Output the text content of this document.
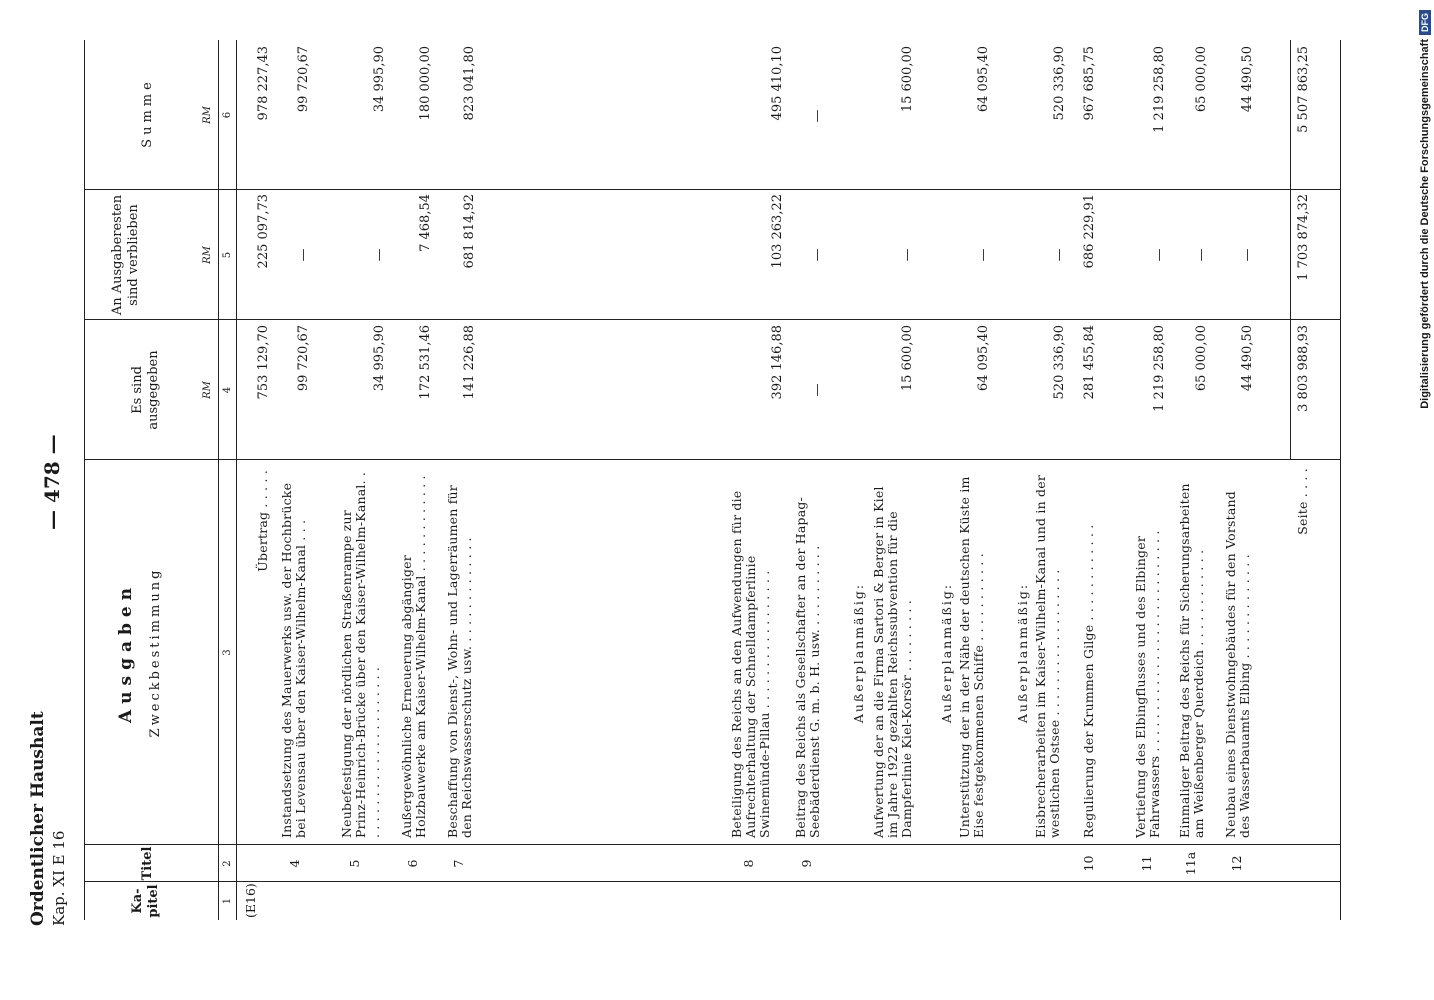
Ordentlicher Haushalt Kap. XI E 16
— 478 —
Ka-pitel
Titel
Ausgaben Zweckbestimmung
Es sind ausgegeben
An Ausgaberesten sind verblieben
Summe
RM
RM
RM
1
2
3
4
5
6
(E16)
Übertrag . . . . .
753 129,70
225 097,73
978 227,43
4
Instandsetzung des Mauerwerks usw. der Hochbrücke bei Levensau über den Kaiser-Wilhelm-Kanal . . .
99 720,67
—
99 720,67
5
Neubefestigung der nördlichen Straßenrampe zur Prinz-Heinrich-Brücke über den Kaiser-Wilhelm-Kanal. . . . . . . . . . . . . . . . . . . . . . .
34 995,90
—
34 995,90
6
Außergewöhnliche Erneuerung abgängiger Holzbauwerke am Kaiser-Wilhelm-Kanal . . . . . . . . . . . .
172 531,46
7 468,54
180 000,00
7
Beschaffung von Dienst-, Wohn- und Lagerräumen für den Reichswasserschutz usw. . . . . . . . . . . . . .
141 226,88
681 814,92
823 041,80
8
Beteiligung des Reichs an den Aufwendungen für die Aufrechterhaltung der Schnelldampferlinie Swinemünde-Pillau . . . . . . . . . . . . . . . . .
392 146,88
103 263,22
495 410,10
9
Beitrag des Reichs als Gesellschafter an der Hapag-Seebäderdienst G. m. b. H. usw. . . . . . . . . . .
—
—
—
Außerplanmäßig: Aufwertung der an die Firma Sartori & Berger in Kiel im Jahre 1922 gezahlten Reichssubvention für die Dampferlinie Kiel-Korsör . . . . . . . . .
15 600,00
—
15 600,00
Außerplanmäßig: Unterstützung der in der Nähe der deutschen Küste im Eise festgekommenen Schiffe . . . . . . . . . . .
64 095,40
—
64 095,40
Außerplanmäßig: Eisbrecherarbeiten im Kaiser-Wilhelm-Kanal und in der westlichen Ostsee . . . . . . . . . . . . . . . . . .
520 336,90
—
520 336,90
10
Regulierung der Krummen Gilge . . . . . . . . . . . .
281 455,84
686 229,91
967 685,75
11
Vertiefung des Elbingflusses und des Elbinger Fahrwassers . . . . . . . . . . . . . . . . . . . . . . . . . . .
1 219 258,80
—
1 219 258,80
11a
Einmaliger Beitrag des Reichs für Sicherungsarbeiten am Weißenberger Querdeich . . . . . . . . . . . .
65 000,00
—
65 000,00
12
Neubau eines Dienstwohngebäudes für den Vorstand des Wasserbauamts Elbing . . . . . . . . . . . . .
44 490,50
—
44 490,50
Seite . . . .
3 803 988,93
1 703 874,32
5 507 863,25	Digitalisierung gefördert durch die Deutsche ForschungsgemeinschaftDFG
